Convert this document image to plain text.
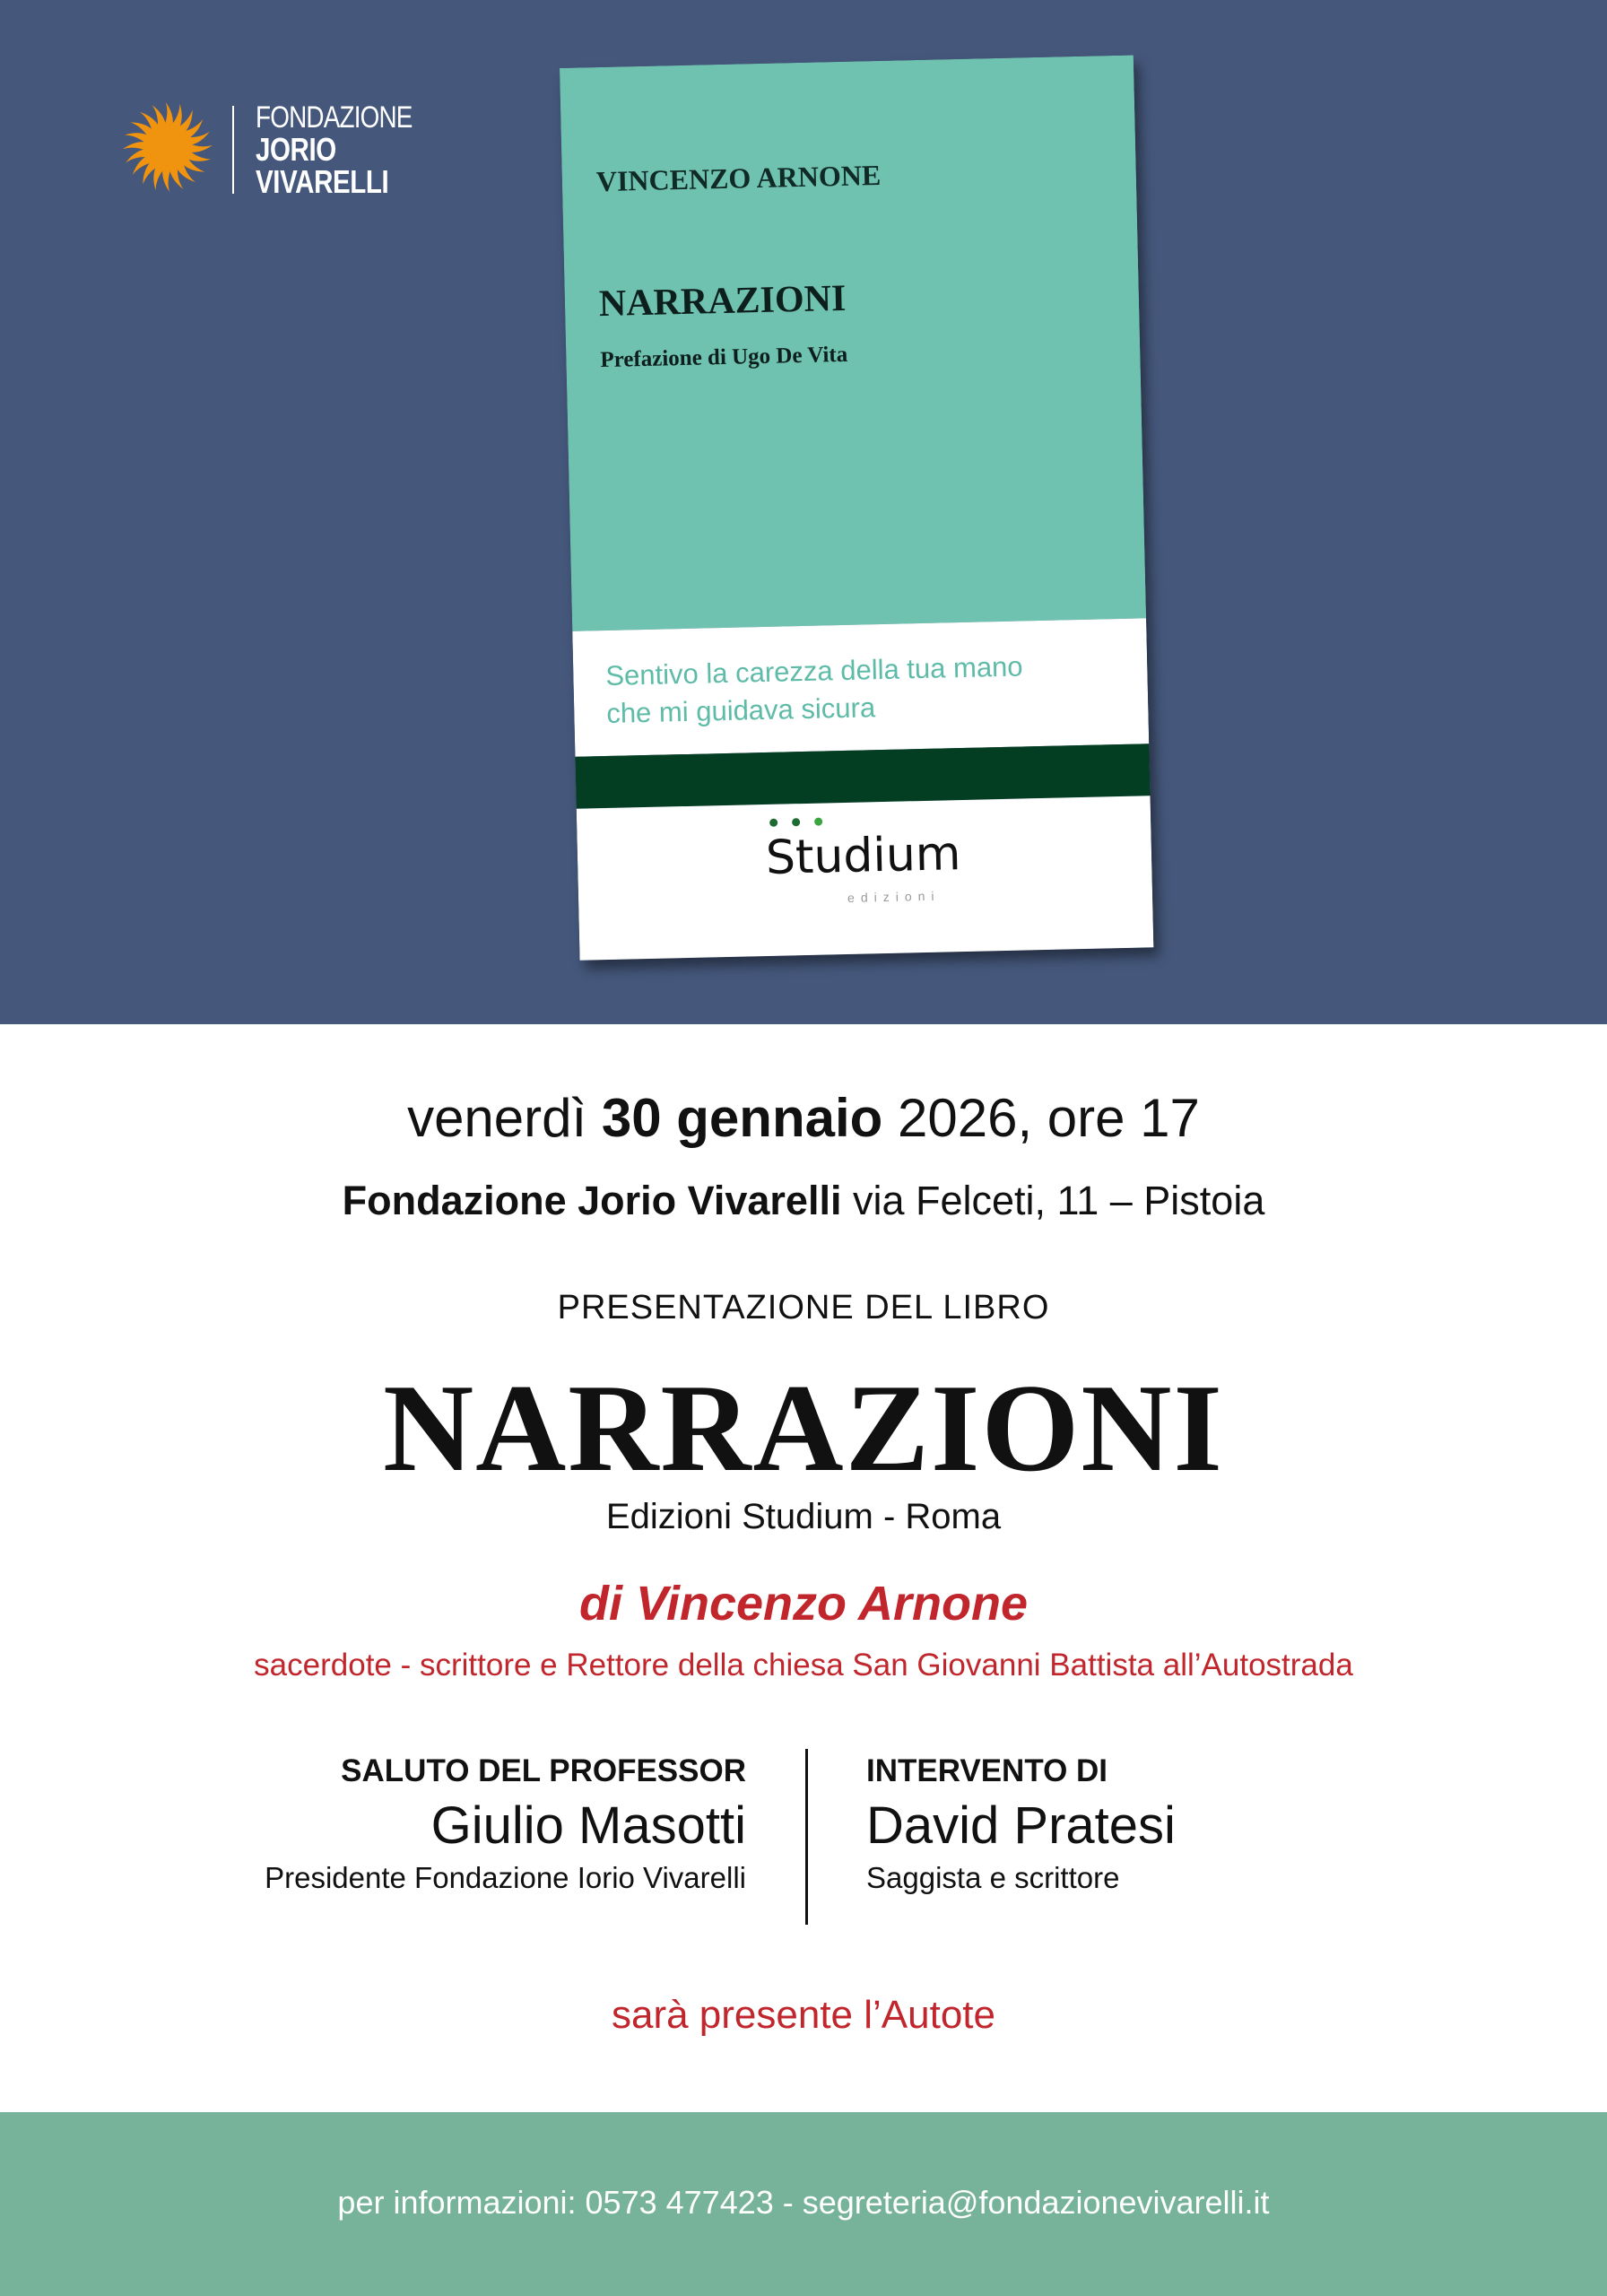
FONDAZIONE
JORIO
VIVARELLI	VINCENZO ARNONE
NARRAZIONI
Prefazione di Ugo De Vita
Sentivo la carezza della tua mano
che mi guidava sicura
Studium
edizioni
venerdì 30 gennaio 2026, ore 17
Fondazione Jorio Vivarelli via Felceti, 11 – Pistoia
PRESENTAZIONE DEL LIBRO
NARRAZIONI
Edizioni Studium - Roma
di Vincenzo Arnone
sacerdote - scrittore e Rettore della chiesa San Giovanni Battista all’Autostrada
SALUTO DEL PROFESSOR
Giulio Masotti
Presidente Fondazione Iorio Vivarelli
INTERVENTO DI
David Pratesi
Saggista e scrittore
sarà presente l’Autote
per informazioni: 0573 477423 - segreteria@fondazionevivarelli.it
